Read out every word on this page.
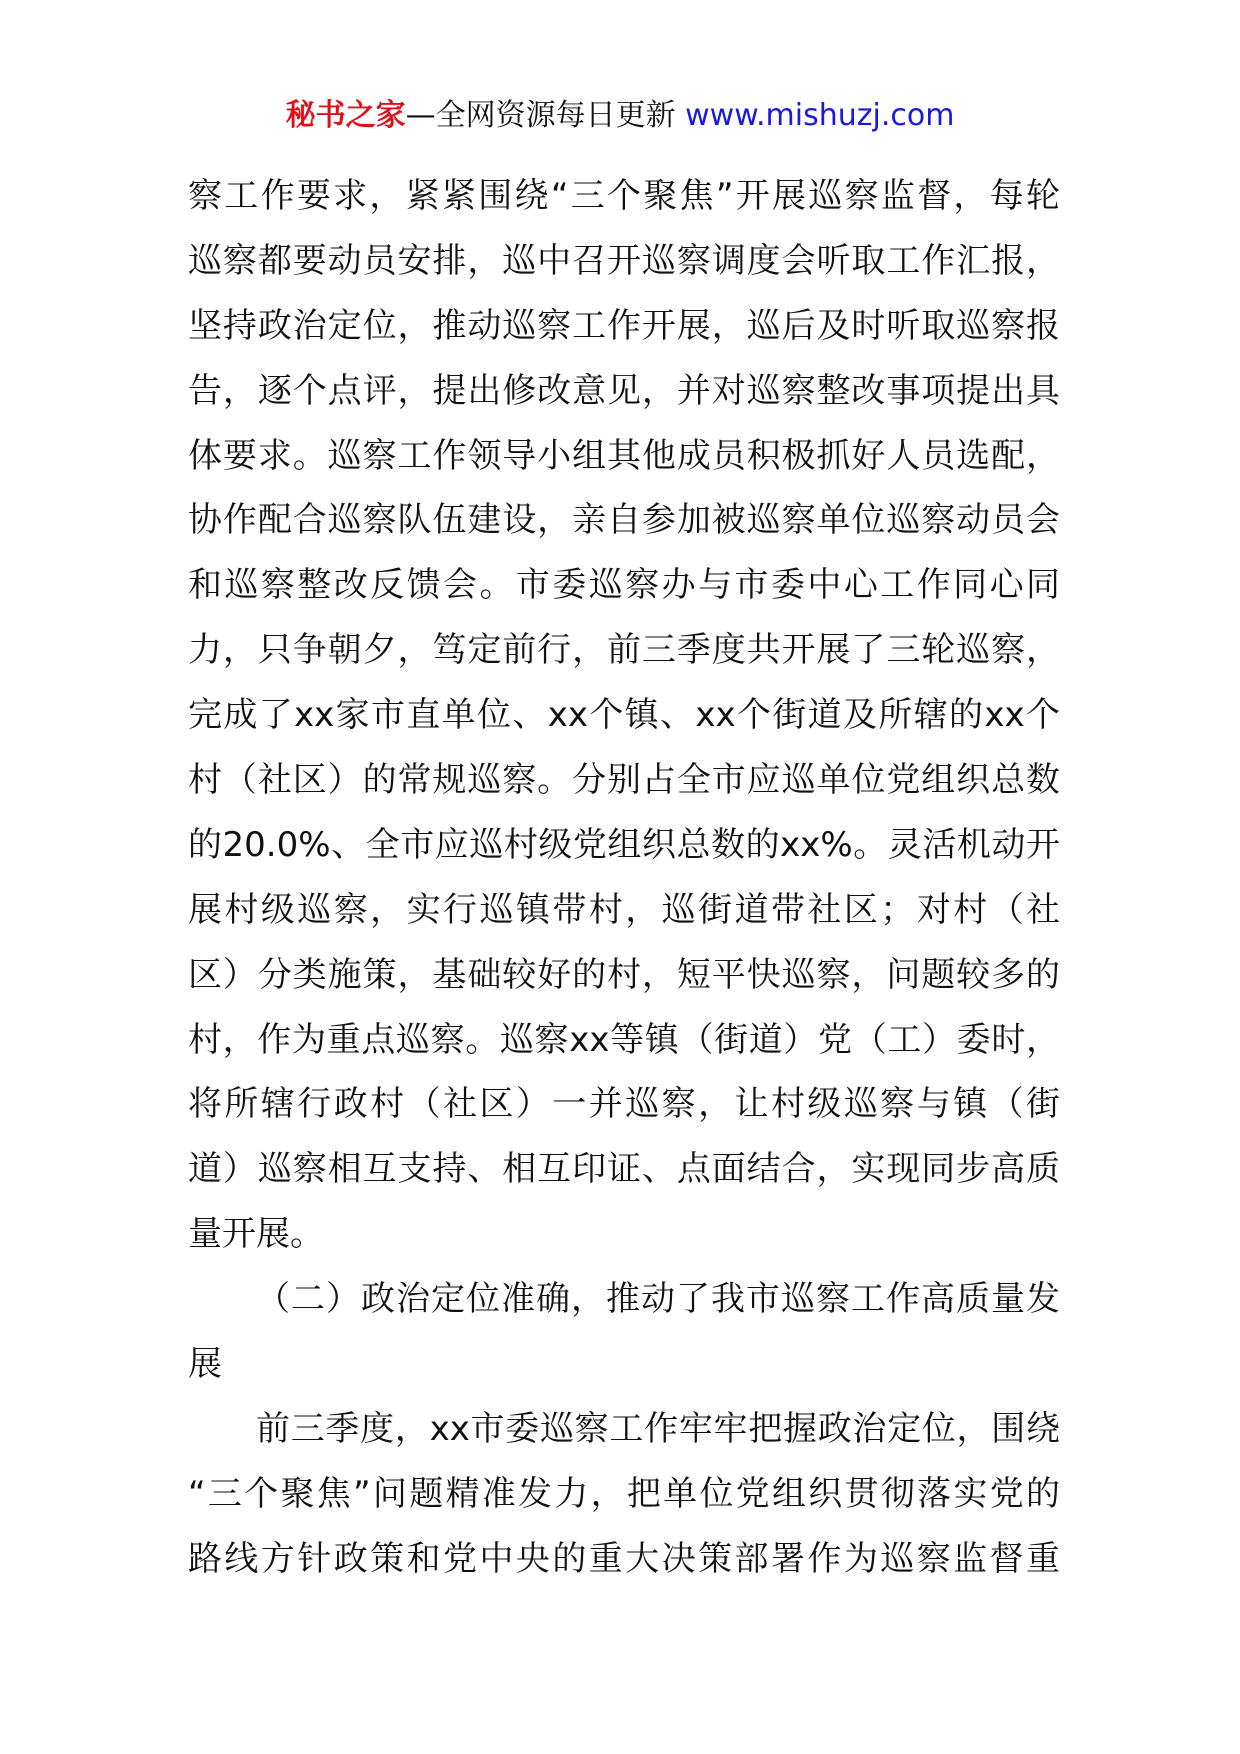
秘书之家—全网资源每日更新 www.mishuzj.com
察工作要求，紧紧围绕“三个聚焦”开展巡察监督，每轮
巡察都要动员安排，巡中召开巡察调度会听取工作汇报，
坚持政治定位，推动巡察工作开展，巡后及时听取巡察报
告，逐个点评，提出修改意见，并对巡察整改事项提出具
体要求。巡察工作领导小组其他成员积极抓好人员选配，
协作配合巡察队伍建设，亲自参加被巡察单位巡察动员会
和巡察整改反馈会。市委巡察办与市委中心工作同心同
力，只争朝夕，笃定前行，前三季度共开展了三轮巡察，
完成了xx家市直单位、xx个镇、xx个街道及所辖的xx个
村（社区）的常规巡察。分别占全市应巡单位党组织总数
的20.0%、全市应巡村级党组织总数的xx%。灵活机动开
展村级巡察，实行巡镇带村，巡街道带社区；对村（社
区）分类施策，基础较好的村，短平快巡察，问题较多的
村，作为重点巡察。巡察xx等镇（街道）党（工）委时，
将所辖行政村（社区）一并巡察，让村级巡察与镇（街
道）巡察相互支持、相互印证、点面结合，实现同步高质
量开展。
（二）政治定位准确，推动了我市巡察工作高质量发
展
前三季度，xx市委巡察工作牢牢把握政治定位，围绕
“三个聚焦”问题精准发力，把单位党组织贯彻落实党的
路线方针政策和党中央的重大决策部署作为巡察监督重
